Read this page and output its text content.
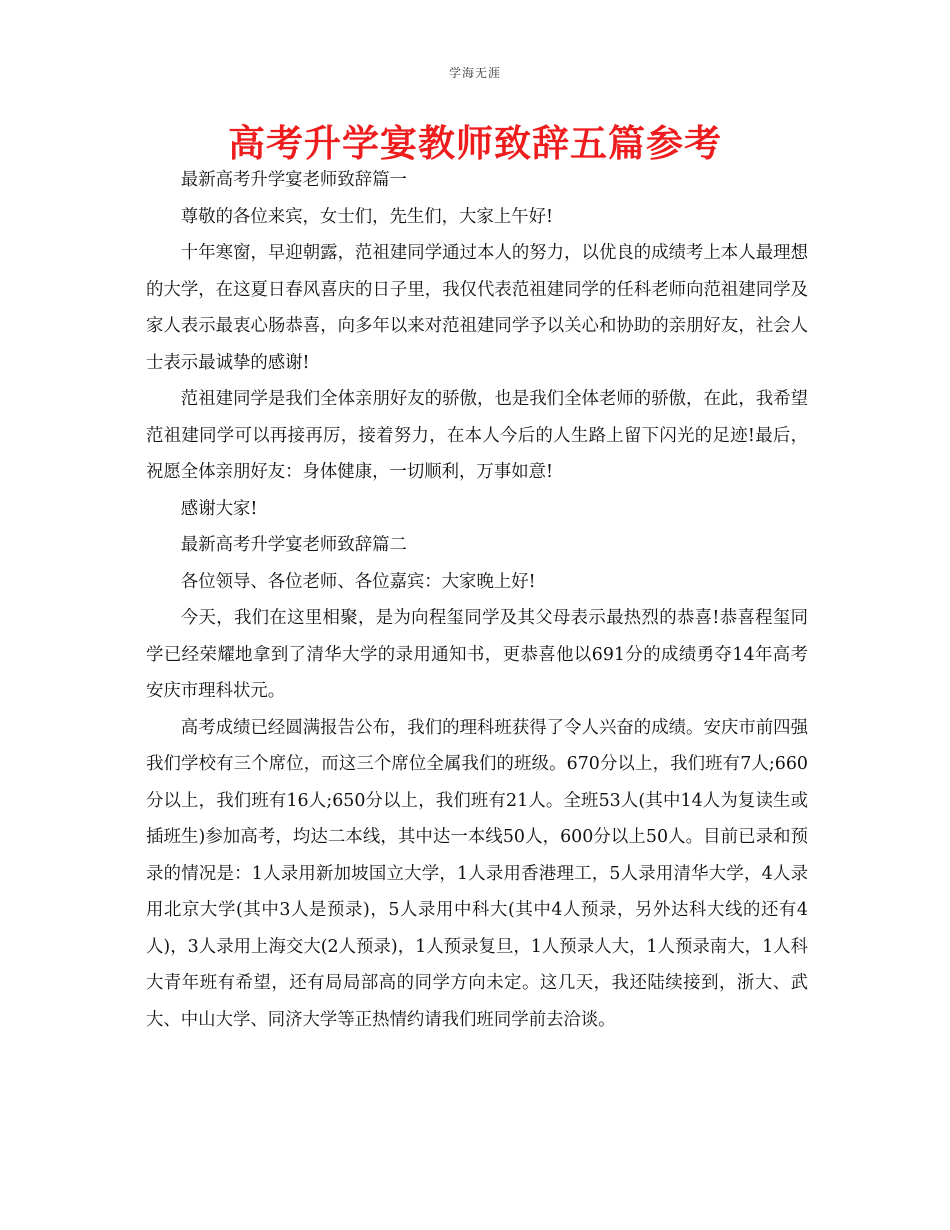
学海无涯
高考升学宴教师致辞五篇参考

最新高考升学宴老师致辞篇一

尊敬的各位来宾，女士们，先生们，大家上午好!

十年寒窗，早迎朝露，范祖建同学通过本人的努力，以优良的成绩考上本人最理想的大学，在这夏日春风喜庆的日子里，我仅代表范祖建同学的任科老师向范祖建同学及家人表示最衷心肠恭喜，向多年以来对范祖建同学予以关心和协助的亲朋好友，社会人士表示最诚挚的感谢!

范祖建同学是我们全体亲朋好友的骄傲，也是我们全体老师的骄傲，在此，我希望范祖建同学可以再接再厉，接着努力，在本人今后的人生路上留下闪光的足迹!最后，祝愿全体亲朋好友：身体健康，一切顺利，万事如意!

感谢大家!

最新高考升学宴老师致辞篇二

各位领导、各位老师、各位嘉宾：大家晚上好!

今天，我们在这里相聚，是为向程玺同学及其父母表示最热烈的恭喜!恭喜程玺同学已经荣耀地拿到了清华大学的录用通知书，更恭喜他以691分的成绩勇夺14年高考安庆市理科状元。

高考成绩已经圆满报告公布，我们的理科班获得了令人兴奋的成绩。安庆市前四强我们学校有三个席位，而这三个席位全属我们的班级。670分以上，我们班有7人;660分以上，我们班有16人;650分以上，我们班有21人。全班53人(其中14人为复读生或插班生)参加高考，均达二本线，其中达一本线50人，600分以上50人。目前已录和预录的情况是：1人录用新加坡国立大学，1人录用香港理工，5人录用清华大学，4人录用北京大学(其中3人是预录)，5人录用中科大(其中4人预录，另外达科大线的还有4人)，3人录用上海交大(2人预录)，1人预录复旦，1人预录人大，1人预录南大，1人科大青年班有希望，还有局局部高的同学方向未定。这几天，我还陆续接到，浙大、武大、中山大学、同济大学等正热情约请我们班同学前去洽谈。
